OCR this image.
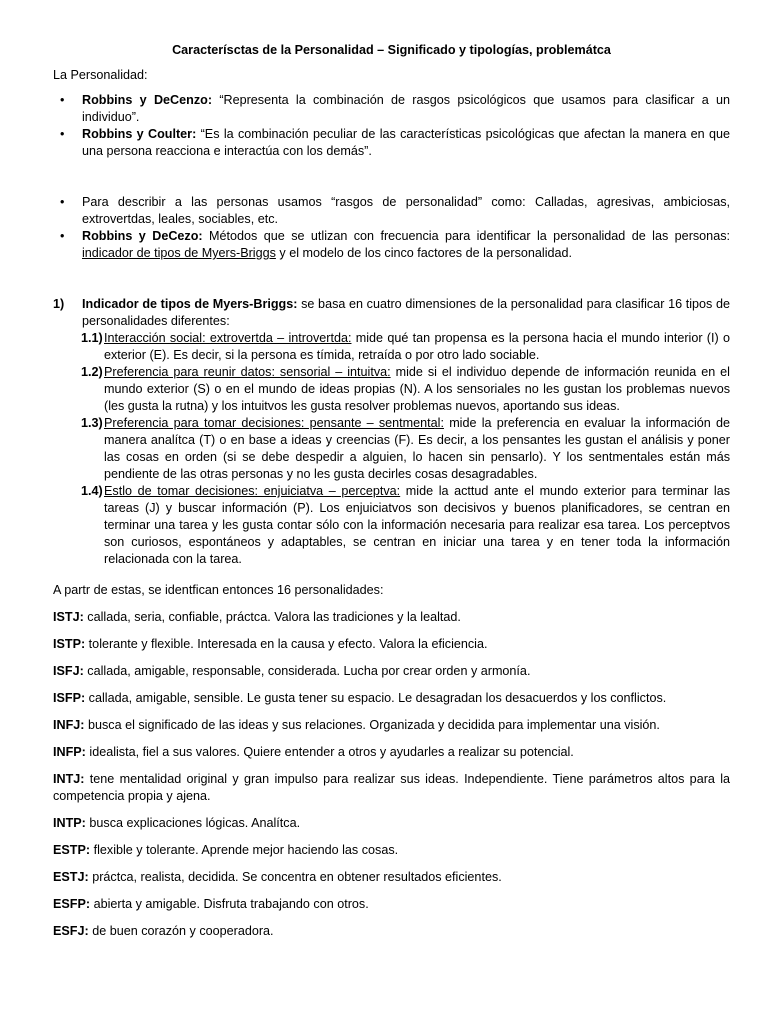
Caracterísctas de la Personalidad – Significado y tipologías, problemátca

La Personalidad:

• Robbins y DeCenzo: “Representa la combinación de rasgos psicológicos que usamos para clasificar a un individuo”.
• Robbins y Coulter: “Es la combinación peculiar de las características psicológicas que afectan la manera en que una persona reacciona e interactúa con los demás”.
• Para describir a las personas usamos “rasgos de personalidad” como: Calladas, agresivas, ambiciosas, extrovertdas, leales, sociables, etc.
• Robbins y DeCezo: Métodos que se utlizan con frecuencia para identificar la personalidad de las personas: indicador de tipos de Myers-Briggs y el modelo de los cinco factores de la personalidad.
1) Indicador de tipos de Myers-Briggs: se basa en cuatro dimensiones de la personalidad para clasificar 16 tipos de personalidades diferentes:
1.1) Interacción social: extrovertda – introvertda: mide qué tan propensa es la persona hacia el mundo interior (I) o exterior (E). Es decir, si la persona es tímida, retraída o por otro lado sociable.
1.2) Preferencia para reunir datos: sensorial – intuitva: mide si el individuo depende de información reunida en el mundo exterior (S) o en el mundo de ideas propias (N). A los sensoriales no les gustan los problemas nuevos (les gusta la rutna) y los intuitvos les gusta resolver problemas nuevos, aportando sus ideas.
1.3) Preferencia para tomar decisiones: pensante – sentmental: mide la preferencia en evaluar la información de manera analítca (T) o en base a ideas y creencias (F). Es decir, a los pensantes les gustan el análisis y poner las cosas en orden (si se debe despedir a alguien, lo hacen sin pensarlo). Y los sentmentales están más pendiente de las otras personas y no les gusta decirles cosas desagradables.
1.4) Estlo de tomar decisiones: enjuiciatva – perceptva: mide la acttud ante el mundo exterior para terminar las tareas (J) y buscar información (P). Los enjuiciatvos son decisivos y buenos planificadores, se centran en terminar una tarea y les gusta contar sólo con la información necesaria para realizar esa tarea. Los perceptvos son curiosos, espontáneos y adaptables, se centran en iniciar una tarea y en tener toda la información relacionada con la tarea.

A partr de estas, se identfican entonces 16 personalidades:

ISTJ: callada, seria, confiable, práctca. Valora las tradiciones y la lealtad.

ISTP: tolerante y flexible. Interesada en la causa y efecto. Valora la eficiencia.

ISFJ: callada, amigable, responsable, considerada. Lucha por crear orden y armonía.

ISFP: callada, amigable, sensible. Le gusta tener su espacio. Le desagradan los desacuerdos y los conflictos.

INFJ: busca el significado de las ideas y sus relaciones. Organizada y decidida para implementar una visión.

INFP: idealista, fiel a sus valores. Quiere entender a otros y ayudarles a realizar su potencial.

INTJ: tene mentalidad original y gran impulso para realizar sus ideas. Independiente. Tiene parámetros altos para la competencia propia y ajena.

INTP: busca explicaciones lógicas. Analítca.

ESTP: flexible y tolerante. Aprende mejor haciendo las cosas.

ESTJ: práctca, realista, decidida. Se concentra en obtener resultados eficientes.

ESFP: abierta y amigable. Disfruta trabajando con otros.

ESFJ: de buen corazón y cooperadora.
